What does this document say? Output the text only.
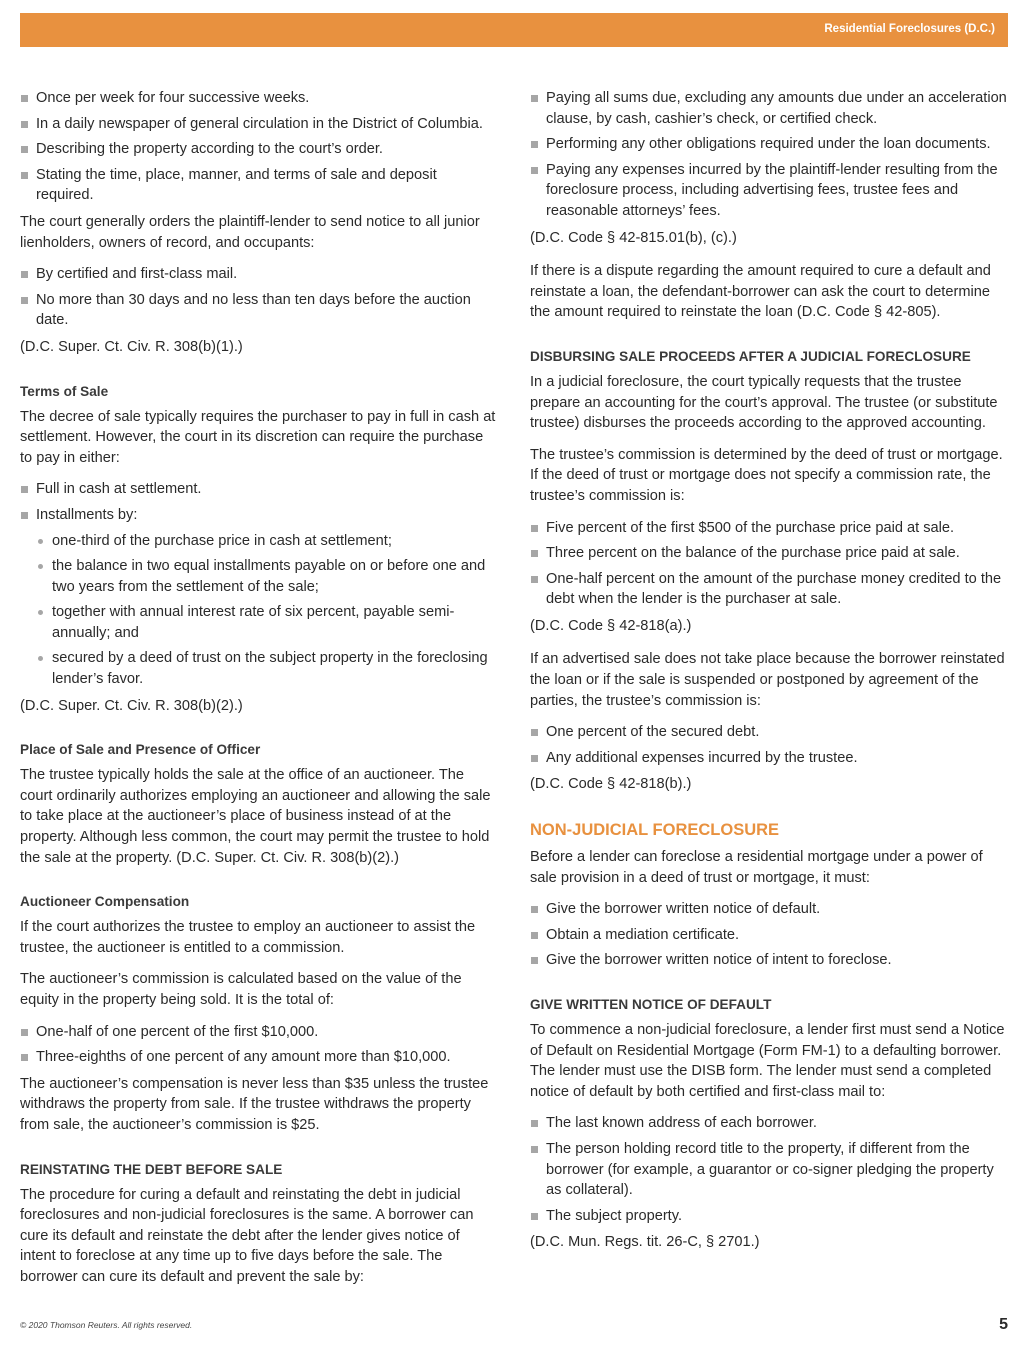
Residential Foreclosures (D.C.)
Once per week for four successive weeks.
In a daily newspaper of general circulation in the District of Columbia.
Describing the property according to the court’s order.
Stating the time, place, manner, and terms of sale and deposit required.

The court generally orders the plaintiff-lender to send notice to all junior lienholders, owners of record, and occupants:

By certified and first-class mail.
No more than 30 days and no less than ten days before the auction date.

(D.C. Super. Ct. Civ. R. 308(b)(1).)

Terms of Sale

The decree of sale typically requires the purchaser to pay in full in cash at settlement. However, the court in its discretion can require the purchase to pay in either:

Full in cash at settlement.
Installments by:
one-third of the purchase price in cash at settlement;
the balance in two equal installments payable on or before one and two years from the settlement of the sale;
together with annual interest rate of six percent, payable semi-annually; and
secured by a deed of trust on the subject property in the foreclosing lender’s favor.

(D.C. Super. Ct. Civ. R. 308(b)(2).)

Place of Sale and Presence of Officer

The trustee typically holds the sale at the office of an auctioneer. The court ordinarily authorizes employing an auctioneer and allowing the sale to take place at the auctioneer’s place of business instead of at the property. Although less common, the court may permit the trustee to hold the sale at the property. (D.C. Super. Ct. Civ. R. 308(b)(2).)

Auctioneer Compensation

If the court authorizes the trustee to employ an auctioneer to assist the trustee, the auctioneer is entitled to a commission.

The auctioneer’s commission is calculated based on the value of the equity in the property being sold. It is the total of:

One-half of one percent of the first $10,000.
Three-eighths of one percent of any amount more than $10,000.

The auctioneer’s compensation is never less than $35 unless the trustee withdraws the property from sale. If the trustee withdraws the property from sale, the auctioneer’s commission is $25.

REINSTATING THE DEBT BEFORE SALE

The procedure for curing a default and reinstating the debt in judicial foreclosures and non-judicial foreclosures is the same. A borrower can cure its default and reinstate the debt after the lender gives notice of intent to foreclose at any time up to five days before the sale. The borrower can cure its default and prevent the sale by:

Paying all sums due, excluding any amounts due under an acceleration clause, by cash, cashier’s check, or certified check.
Performing any other obligations required under the loan documents.
Paying any expenses incurred by the plaintiff-lender resulting from the foreclosure process, including advertising fees, trustee fees and reasonable attorneys’ fees.

(D.C. Code § 42-815.01(b), (c).)

If there is a dispute regarding the amount required to cure a default and reinstate a loan, the defendant-borrower can ask the court to determine the amount required to reinstate the loan (D.C. Code § 42-805).

DISBURSING SALE PROCEEDS AFTER A JUDICIAL FORECLOSURE

In a judicial foreclosure, the court typically requests that the trustee prepare an accounting for the court’s approval. The trustee (or substitute trustee) disburses the proceeds according to the approved accounting.

The trustee’s commission is determined by the deed of trust or mortgage. If the deed of trust or mortgage does not specify a commission rate, the trustee’s commission is:

Five percent of the first $500 of the purchase price paid at sale.
Three percent on the balance of the purchase price paid at sale.
One-half percent on the amount of the purchase money credited to the debt when the lender is the purchaser at sale.

(D.C. Code § 42-818(a).)

If an advertised sale does not take place because the borrower reinstated the loan or if the sale is suspended or postponed by agreement of the parties, the trustee’s commission is:

One percent of the secured debt.
Any additional expenses incurred by the trustee.

(D.C. Code § 42-818(b).)

NON-JUDICIAL FORECLOSURE

Before a lender can foreclose a residential mortgage under a power of sale provision in a deed of trust or mortgage, it must:

Give the borrower written notice of default.
Obtain a mediation certificate.
Give the borrower written notice of intent to foreclose.
GIVE WRITTEN NOTICE OF DEFAULT

To commence a non-judicial foreclosure, a lender first must send a Notice of Default on Residential Mortgage (Form FM-1) to a defaulting borrower. The lender must use the DISB form. The lender must send a completed notice of default by both certified and first-class mail to:

The last known address of each borrower.
The person holding record title to the property, if different from the borrower (for example, a guarantor or co-signer pledging the property as collateral).
The subject property.

(D.C. Mun. Regs. tit. 26-C, § 2701.)

© 2020 Thomson Reuters. All rights reserved.	5
